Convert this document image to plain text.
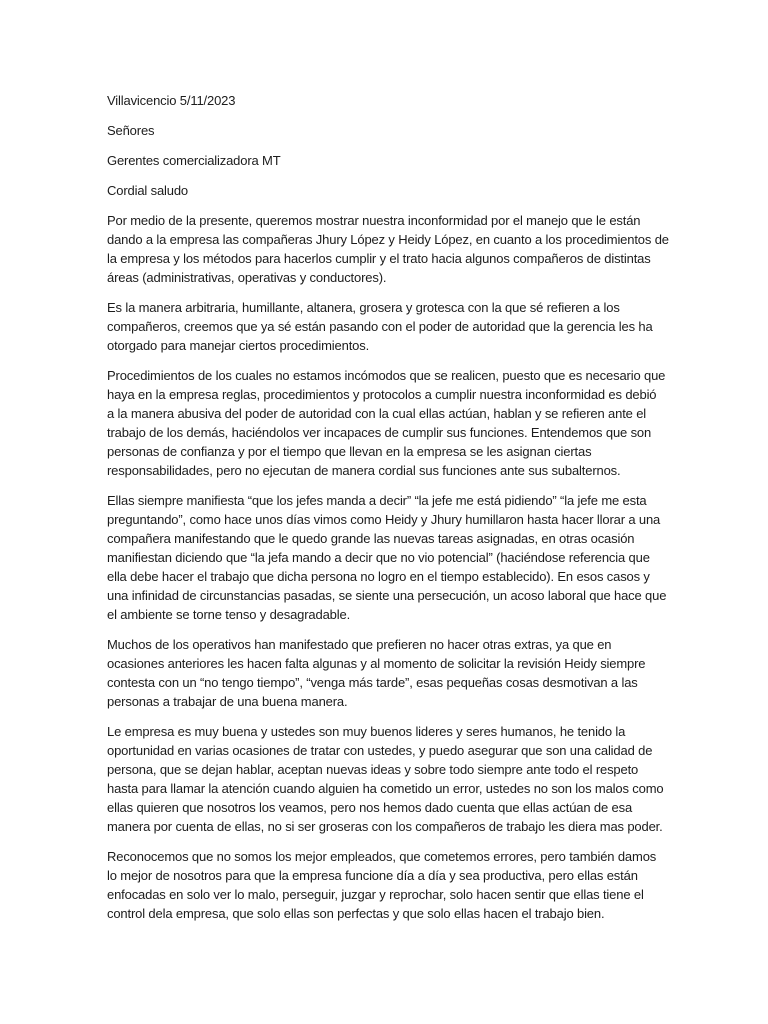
Villavicencio 5/11/2023
Señores
Gerentes comercializadora MT
Cordial saludo
Por medio de la presente, queremos mostrar nuestra inconformidad por el manejo que le están
dando a la empresa las compañeras Jhury López y Heidy López, en cuanto a los procedimientos de
la empresa y los métodos para hacerlos cumplir y el trato hacia algunos compañeros de distintas
áreas (administrativas, operativas y conductores).
Es la manera arbitraria, humillante, altanera, grosera y grotesca con la que sé refieren a los
compañeros, creemos que ya sé están pasando con el poder de autoridad que la gerencia les ha
otorgado para manejar ciertos procedimientos.
Procedimientos de los cuales no estamos incómodos que se realicen, puesto que es necesario que
haya en la empresa reglas, procedimientos y protocolos a cumplir nuestra inconformidad es debió
a la manera abusiva del poder de autoridad con la cual ellas actúan, hablan y se refieren ante el
trabajo de los demás, haciéndolos ver incapaces de cumplir sus funciones. Entendemos que son
personas de confianza y por el tiempo que llevan en la empresa se les asignan ciertas
responsabilidades, pero no ejecutan de manera cordial sus funciones ante sus subalternos.
Ellas siempre manifiesta “que los jefes manda a decir” “la jefe me está pidiendo” “la jefe me esta
preguntando”, como hace unos días vimos como Heidy y Jhury humillaron hasta hacer llorar a una
compañera manifestando que le quedo grande las nuevas tareas asignadas, en otras ocasión
manifiestan diciendo que “la jefa mando a decir que no vio potencial” (haciéndose referencia que
ella debe hacer el trabajo que dicha persona no logro en el tiempo establecido). En esos casos y
una infinidad de circunstancias pasadas, se siente una persecución, un acoso laboral que hace que
el ambiente se torne tenso y desagradable.
Muchos de los operativos han manifestado que prefieren no hacer otras extras, ya que en
ocasiones anteriores les hacen falta algunas y al momento de solicitar la revisión Heidy siempre
contesta con un “no tengo tiempo”, “venga más tarde”, esas pequeñas cosas desmotivan a las
personas a trabajar de una buena manera.
Le empresa es muy buena y ustedes son muy buenos lideres y seres humanos, he tenido la
oportunidad en varias ocasiones de tratar con ustedes, y puedo asegurar que son una calidad de
persona, que se dejan hablar, aceptan nuevas ideas y sobre todo siempre ante todo el respeto
hasta para llamar la atención cuando alguien ha cometido un error, ustedes no son los malos como
ellas quieren que nosotros los veamos, pero nos hemos dado cuenta que ellas actúan de esa
manera por cuenta de ellas, no si ser groseras con los compañeros de trabajo les diera mas poder.
Reconocemos que no somos los mejor empleados, que cometemos errores, pero también damos
lo mejor de nosotros para que la empresa funcione día a día y sea productiva, pero ellas están
enfocadas en solo ver lo malo, perseguir, juzgar y reprochar, solo hacen sentir que ellas tiene el
control dela empresa, que solo ellas son perfectas y que solo ellas hacen el trabajo bien.
